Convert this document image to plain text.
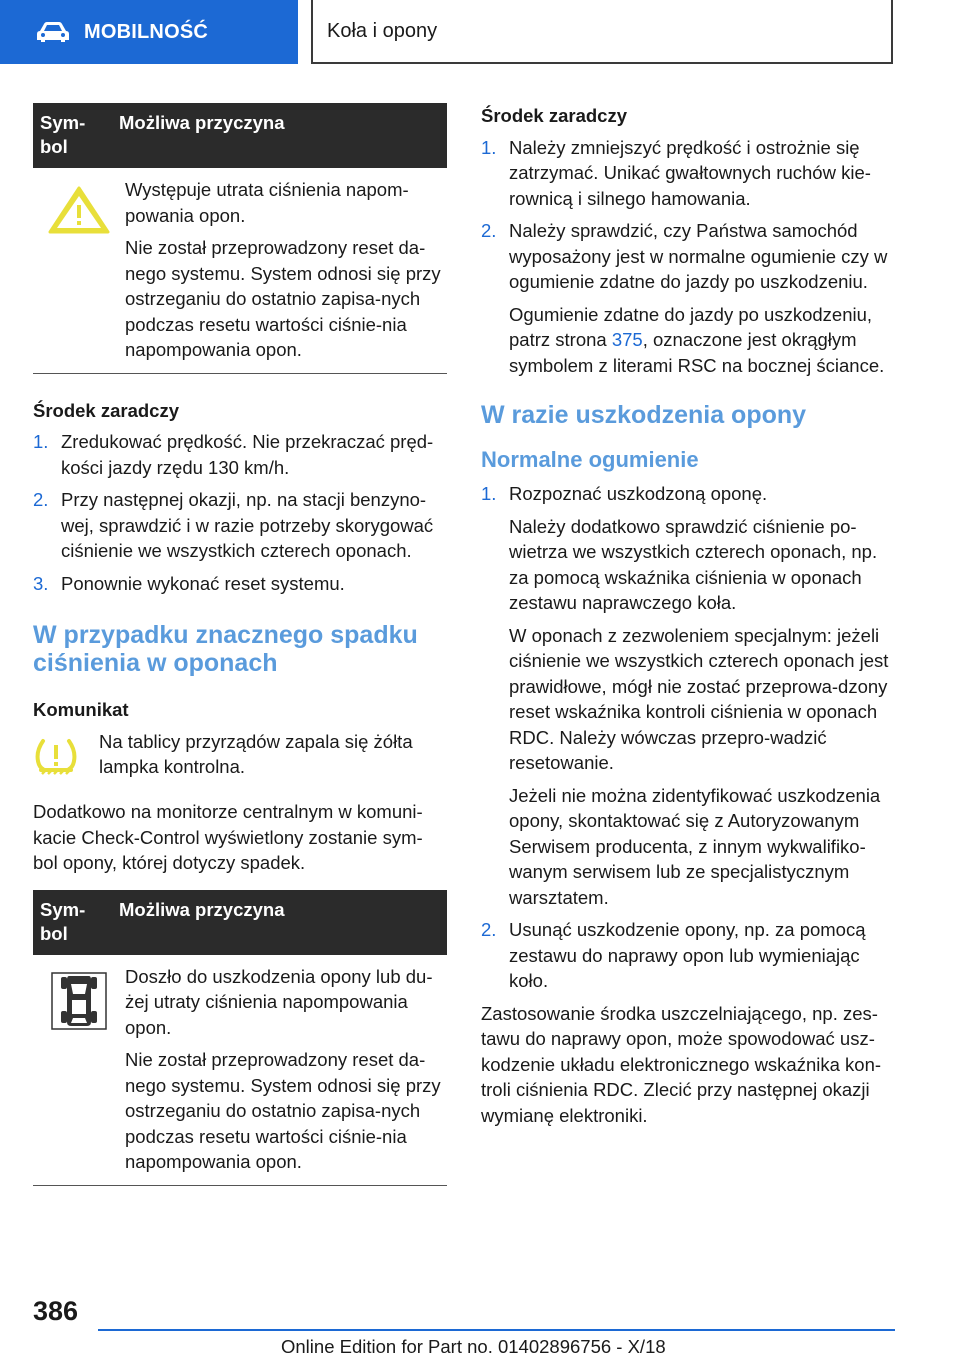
MOBILNOŚĆ	Koła i opony
Sym-
bol
Możliwa przyczyna

Występuje utrata ciśnienia napom-powania opon.

Nie został przeprowadzony reset da-nego systemu. System odnosi się przy ostrzeganiu do ostatnio zapisa-nych podczas resetu wartości ciśnie-nia napompowania opon.

Środek zaradczy

1. Zredukować prędkość. Nie przekraczać pręd-kości jazdy rzędu 130 km/h.
2. Przy następnej okazji, np. na stacji benzyno-wej, sprawdzić i w razie potrzeby skorygować ciśnienie we wszystkich czterech oponach.
3. Ponownie wykonać reset systemu.
W przypadku znacznego spadku ciśnienia w oponach

Komunikat

Na tablicy przyrządów zapala się żółta lampka kontrolna.

Dodatkowo na monitorze centralnym w komuni-kacie Check-Control wyświetlony zostanie sym-bol opony, której dotyczy spadek.

Sym-
bol
Możliwa przyczyna

Doszło do uszkodzenia opony lub du-żej utraty ciśnienia napompowania opon.

Nie został przeprowadzony reset da-nego systemu. System odnosi się przy ostrzeganiu do ostatnio zapisa-nych podczas resetu wartości ciśnie-nia napompowania opon.

Środek zaradczy

1. Należy zmniejszyć prędkość i ostrożnie się zatrzymać. Unikać gwałtownych ruchów kie-rownicą i silnego hamowania.
2. Należy sprawdzić, czy Państwa samochód wyposażony jest w normalne ogumienie czy w ogumienie zdatne do jazdy po uszkodzeniu.

Ogumienie zdatne do jazdy po uszkodzeniu, patrz strona 375, oznaczone jest okrągłym symbolem z literami RSC na bocznej ściance.

W razie uszkodzenia opony
Normalne ogumienie
1. Rozpoznać uszkodzoną oponę.

Należy dodatkowo sprawdzić ciśnienie po-wietrza we wszystkich czterech oponach, np. za pomocą wskaźnika ciśnienia w oponach zestawu naprawczego koła.

W oponach z zezwoleniem specjalnym: jeżeli ciśnienie we wszystkich czterech oponach jest prawidłowe, mógł nie zostać przeprowa-dzony reset wskaźnika kontroli ciśnienia w oponach RDC. Należy wówczas przepro-wadzić resetowanie.

Jeżeli nie można zidentyfikować uszkodzenia opony, skontaktować się z Autoryzowanym Serwisem producenta, z innym wykwalifiko-wanym serwisem lub ze specjalistycznym warsztatem.

2. Usunąć uszkodzenie opony, np. za pomocą zestawu do naprawy opon lub wymieniając koło.

Zastosowanie środka uszczelniającego, np. zes-tawu do naprawy opon, może spowodować usz-kodzenie układu elektronicznego wskaźnika kon-troli ciśnienia RDC. Zlecić przy następnej okazji wymianę elektroniki.

386
Online Edition for Part no. 01402896756 - X/18
